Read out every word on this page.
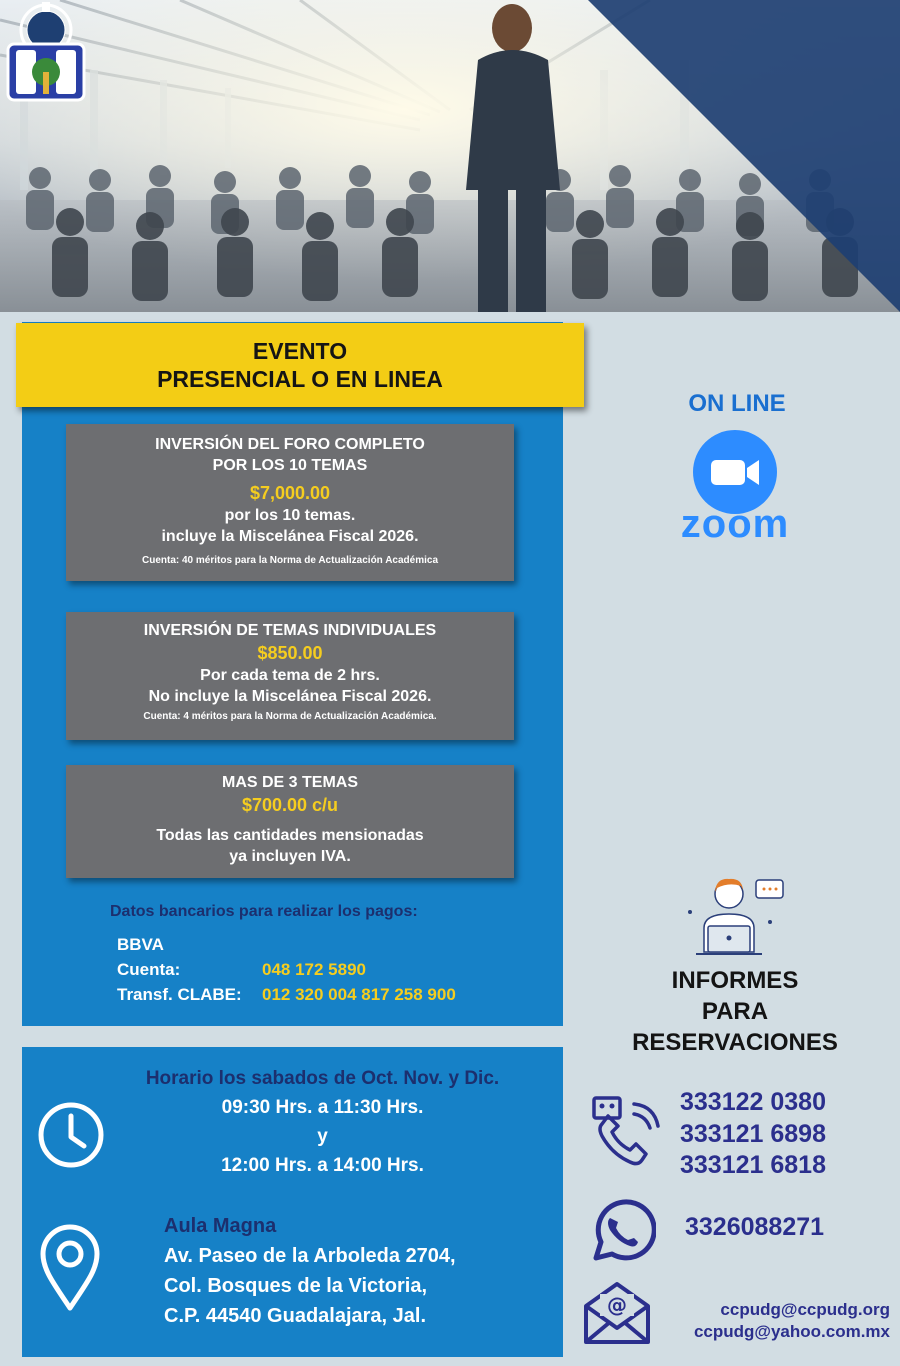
EVENTO
PRESENCIAL O EN LINEA
INVERSIÓN DEL FORO COMPLETO
POR LOS 10 TEMAS
$7,000.00
por los 10 temas.
incluye la Miscelánea Fiscal 2026.
Cuenta: 40 méritos para la Norma de Actualización Académica
INVERSIÓN DE TEMAS INDIVIDUALES
$850.00
Por cada tema de 2 hrs.
No incluye la Miscelánea Fiscal 2026.
Cuenta: 4 méritos para la Norma de Actualización Académica.
MAS DE 3 TEMAS
$700.00 c/u
Todas las cantidades mensionadas
ya incluyen IVA.
Datos bancarios para realizar los pagos:
BBVA
Cuenta:	048 172 5890
Transf. CLABE: 012 320 004 817 258 900
Horario los sabados de Oct. Nov. y Dic.
09:30 Hrs. a 11:30 Hrs.
y
12:00 Hrs. a 14:00 Hrs.
Aula Magna
Av. Paseo de la Arboleda 2704,
Col. Bosques de la Victoria,
C.P. 44540 Guadalajara, Jal.
ON LINE
zoom
INFORMES
PARA
RESERVACIONES
333122 0380
333121 6898
333121 6818
3326088271
@	ccpudg@ccpudg.org
ccpudg@yahoo.com.mx
